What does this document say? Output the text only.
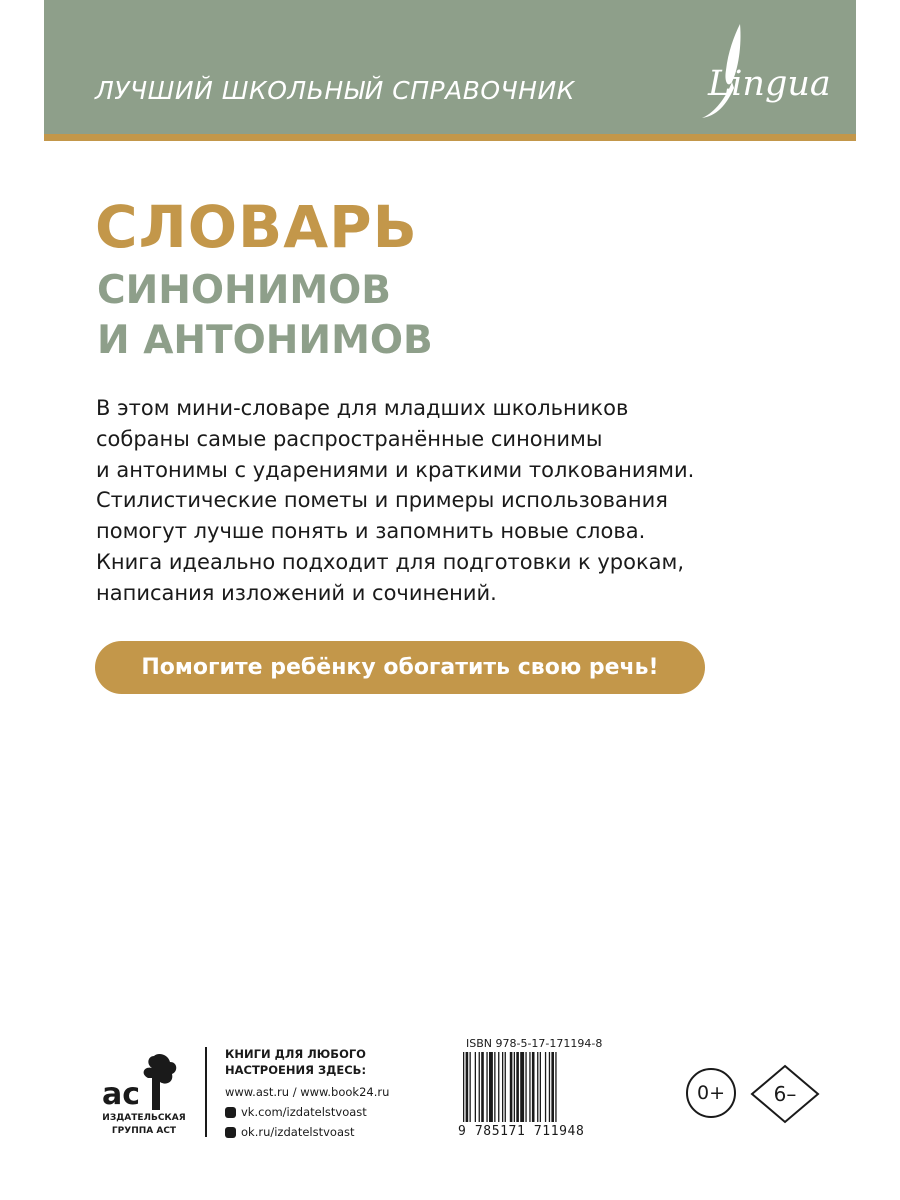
ЛУЧШИЙ ШКОЛЬНЫЙ СПРАВОЧНИК	Lingua
СЛОВАРЬ
СИНОНИМОВ
И АНТОНИМОВ
В этом мини-словаре для младших школьников
собраны самые распространённые синонимы
и антонимы с ударениями и краткими толкованиями.
Стилистические пометы и примеры использования
помогут лучше понять и запомнить новые слова.
Книга идеально подходит для подготовки к урокам,
написания изложений и сочинений.
Помогите ребёнку обогатить свою речь!
ас
ИЗДАТЕЛЬСКАЯ
ГРУППА АСТ
КНИГИ ДЛЯ ЛЮБОГО
НАСТРОЕНИЯ ЗДЕСЬ:
www.ast.ru / www.book24.ru
vk.com/izdatelstvoast
ok.ru/izdatelstvoast
ISBN 978-5-17-171194-8
9 785171 711948
0+	6–
